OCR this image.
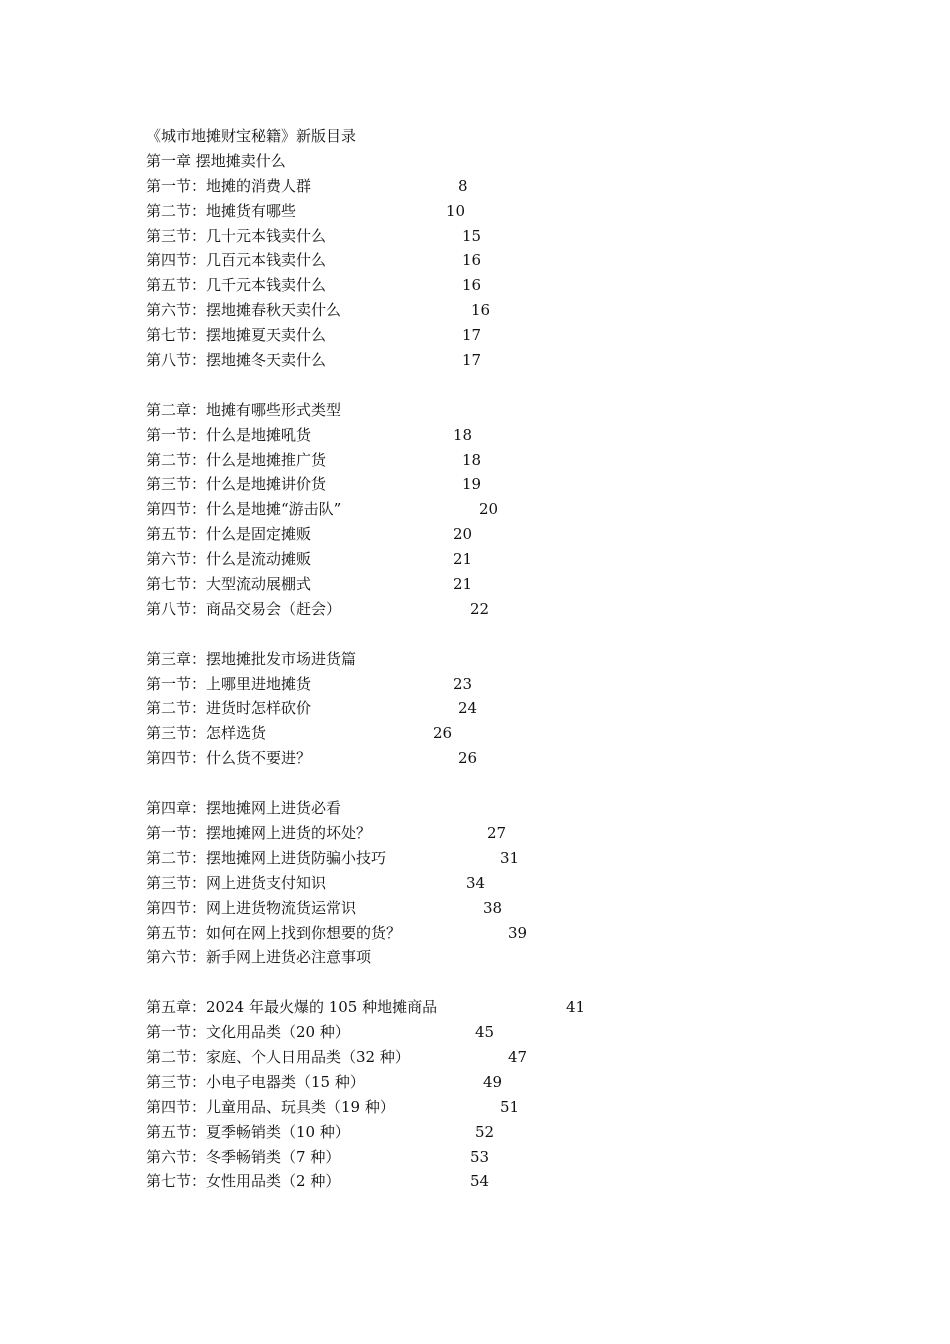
《城市地摊财宝秘籍》新版目录
第一章 摆地摊卖什么
第一节：地摊的消费人群	8
第二节：地摊货有哪些	10
第三节：几十元本钱卖什么	15
第四节：几百元本钱卖什么	16
第五节：几千元本钱卖什么	16
第六节：摆地摊春秋天卖什么	16
第七节：摆地摊夏天卖什么	17
第八节：摆地摊冬天卖什么	17
第二章：地摊有哪些形式类型
第一节：什么是地摊吼货	18
第二节：什么是地摊推广货	18
第三节：什么是地摊讲价货	19
第四节：什么是地摊“游击队”	20
第五节：什么是固定摊贩	20
第六节：什么是流动摊贩	21
第七节：大型流动展棚式	21
第八节：商品交易会（赶会）	22
第三章：摆地摊批发市场进货篇
第一节：上哪里进地摊货	23
第二节：进货时怎样砍价	24
第三节：怎样选货	26
第四节：什么货不要进？	26
第四章：摆地摊网上进货必看
第一节：摆地摊网上进货的坏处？	27
第二节：摆地摊网上进货防骗小技巧	31
第三节：网上进货支付知识	34
第四节：网上进货物流货运常识	38
第五节：如何在网上找到你想要的货？	39
第六节：新手网上进货必注意事项
第五章：2024 年最火爆的 105 种地摊商品	41
第一节：文化用品类（20 种）	45
第二节：家庭、个人日用品类（32 种）	47
第三节：小电子电器类（15 种）	49
第四节：儿童用品、玩具类（19 种）	51
第五节：夏季畅销类（10 种）	52
第六节：冬季畅销类（7 种）	53
第七节：女性用品类（2 种）	54
